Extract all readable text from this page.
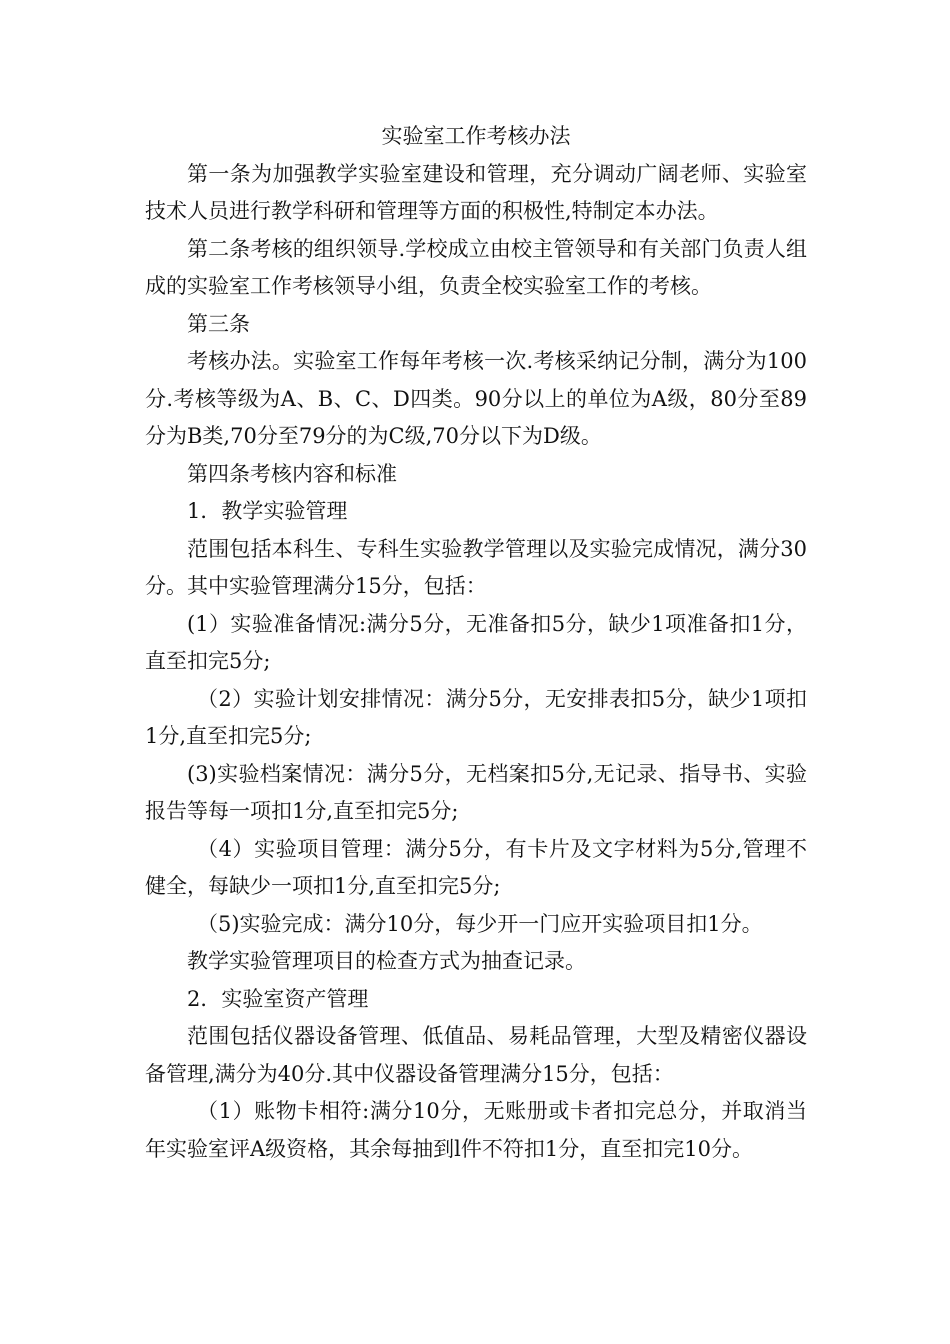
实验室工作考核办法

第一条为加强教学实验室建设和管理，充分调动广阔老师、实验室技术人员进行教学科研和管理等方面的积极性,特制定本办法。

第二条考核的组织领导.学校成立由校主管领导和有关部门负责人组成的实验室工作考核领导小组，负责全校实验室工作的考核。

第三条

考核办法。实验室工作每年考核一次.考核采纳记分制，满分为100分.考核等级为A、B、C、D四类。90分以上的单位为A级，80分至89分为B类,70分至79分的为C级,70分以下为D级。

第四条考核内容和标准

1．教学实验管理

范围包括本科生、专科生实验教学管理以及实验完成情况，满分30分。其中实验管理满分15分，包括：

(1）实验准备情况:满分5分，无准备扣5分，缺少1项准备扣1分，直至扣完5分;

（2）实验计划安排情况：满分5分，无安排表扣5分，缺少1项扣1分,直至扣完5分;

(3)实验档案情况：满分5分，无档案扣5分,无记录、指导书、实验报告等每一项扣1分,直至扣完5分;

（4）实验项目管理：满分5分，有卡片及文字材料为5分,管理不健全，每缺少一项扣1分,直至扣完5分;

（5)实验完成：满分10分，每少开一门应开实验项目扣1分。

教学实验管理项目的检查方式为抽查记录。

2．实验室资产管理

范围包括仪器设备管理、低值品、易耗品管理，大型及精密仪器设备管理,满分为40分.其中仪器设备管理满分15分，包括：

（1）账物卡相符:满分10分，无账册或卡者扣完总分，并取消当年实验室评A级资格，其余每抽到l件不符扣1分，直至扣完10分。
